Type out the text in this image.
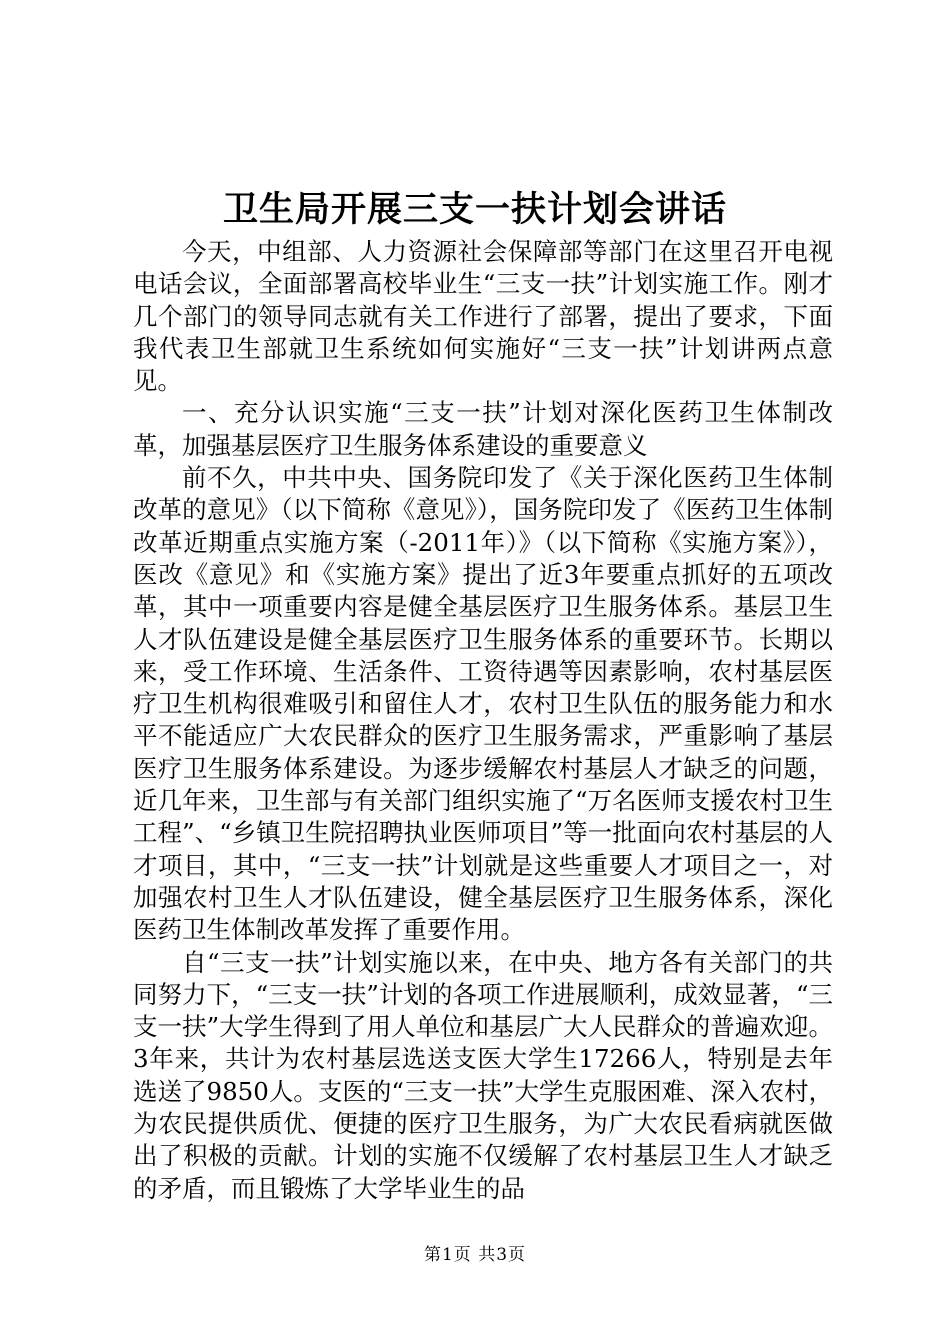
卫生局开展三支一扶计划会讲话

今天，中组部、人力资源社会保障部等部门在这里召开电视电话会议，全面部署高校毕业生“三支一扶”计划实施工作。刚才几个部门的领导同志就有关工作进行了部署，提出了要求，下面我代表卫生部就卫生系统如何实施好“三支一扶”计划讲两点意见。

一、充分认识实施“三支一扶”计划对深化医药卫生体制改革，加强基层医疗卫生服务体系建设的重要意义

前不久，中共中央、国务院印发了《关于深化医药卫生体制改革的意见》（以下简称《意见》），国务院印发了《医药卫生体制改革近期重点实施方案（-2011年）》（以下简称《实施方案》），医改《意见》和《实施方案》提出了近3年要重点抓好的五项改革，其中一项重要内容是健全基层医疗卫生服务体系。基层卫生人才队伍建设是健全基层医疗卫生服务体系的重要环节。长期以来，受工作环境、生活条件、工资待遇等因素影响，农村基层医疗卫生机构很难吸引和留住人才，农村卫生队伍的服务能力和水平不能适应广大农民群众的医疗卫生服务需求，严重影响了基层医疗卫生服务体系建设。为逐步缓解农村基层人才缺乏的问题，近几年来，卫生部与有关部门组织实施了“万名医师支援农村卫生工程”、“乡镇卫生院招聘执业医师项目”等一批面向农村基层的人才项目，其中，“三支一扶”计划就是这些重要人才项目之一，对加强农村卫生人才队伍建设，健全基层医疗卫生服务体系，深化医药卫生体制改革发挥了重要作用。

自“三支一扶”计划实施以来，在中央、地方各有关部门的共同努力下，“三支一扶”计划的各项工作进展顺利，成效显著，“三支一扶”大学生得到了用人单位和基层广大人民群众的普遍欢迎。3年来，共计为农村基层选送支医大学生17266人，特别是去年选送了9850人。支医的“三支一扶”大学生克服困难、深入农村，为农民提供质优、便捷的医疗卫生服务，为广大农民看病就医做出了积极的贡献。计划的实施不仅缓解了农村基层卫生人才缺乏的矛盾，而且锻炼了大学毕业生的品

第1页 共3页
